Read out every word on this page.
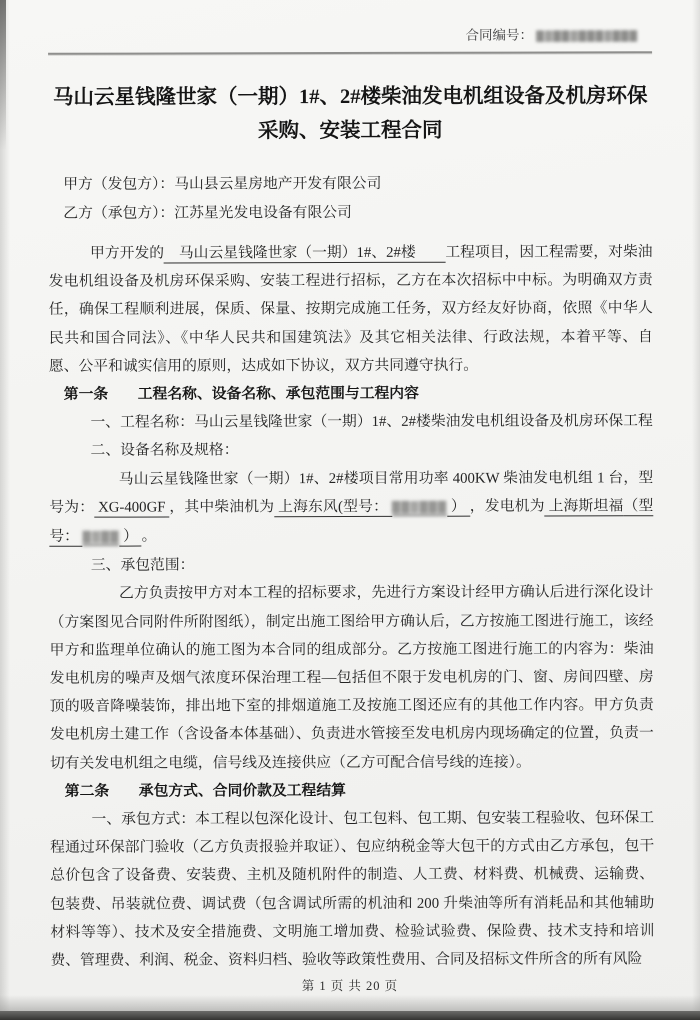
合同编号： █▓██▓███▓███
马山云星钱隆世家（一期）1#、2#楼柴油发电机组设备及机房环保
采购、安装工程合同
甲方（发包方）：马山县云星房地产开发有限公司
乙方（承包方）：江苏星光发电设备有限公司

甲方开发的　马山云星钱隆世家（一期）1#、2#楼　　工程项目，因工程需要，对柴油发电机组设备及机房环保采购、安装工程进行招标，乙方在本次招标中中标。为明确双方责任，确保工程顺利进展，保质、保量、按期完成施工任务，双方经友好协商，依照《中华人民共和国合同法》、《中华人民共和国建筑法》及其它相关法律、行政法规，本着平等、自愿、公平和诚实信用的原则，达成如下协议，双方共同遵守执行。

第一条　　工程名称、设备名称、承包范围与工程内容

一、工程名称：马山云星钱隆世家（一期）1#、2#楼柴油发电机组设备及机房环保工程

二、设备名称及规格：

马山云星钱隆世家（一期）1#、2#楼项目常用功率 400KW 柴油发电机组 1 台，型号为： XG-400GF ，其中柴油机为 上海东风(型号： ██▓███ ） ，发电机为 上海斯坦福（型号： █▓██ ） 。

三、承包范围：

乙方负责按甲方对本工程的招标要求，先进行方案设计经甲方确认后进行深化设计（方案图见合同附件所附图纸），制定出施工图给甲方确认后，乙方按施工图进行施工，该经甲方和监理单位确认的施工图为本合同的组成部分。乙方按施工图进行施工的内容为：柴油发电机房的噪声及烟气浓度环保治理工程—包括但不限于发电机房的门、窗、房间四壁、房顶的吸音降噪装饰，排出地下室的排烟道施工及按施工图还应有的其他工作内容。甲方负责发电机房土建工作（含设备本体基础）、负责进水管接至发电机房内现场确定的位置，负责一切有关发电机组之电缆，信号线及连接供应（乙方可配合信号线的连接）。

第二条　　承包方式、合同价款及工程结算

一、承包方式：本工程以包深化设计、包工包料、包工期、包安装工程验收、包环保工程通过环保部门验收（乙方负责报验并取证）、包应纳税金等大包干的方式由乙方承包，包干总价包含了设备费、安装费、主机及随机附件的制造、人工费、材料费、机械费、运输费、包装费、吊装就位费、调试费（包含调试所需的机油和 200 升柴油等所有消耗品和其他辅助材料等等）、技术及安全措施费、文明施工增加费、检验试验费、保险费、技术支持和培训费、管理费、利润、税金、资料归档、验收等政策性费用、合同及招标文件所含的所有风险

第 1 页 共 20 页
